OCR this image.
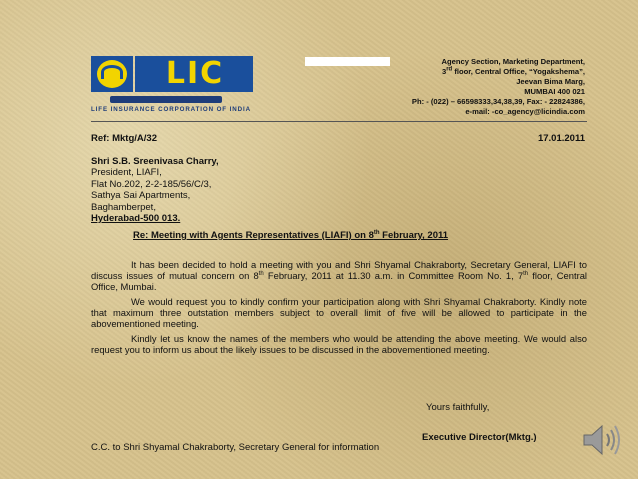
LIC
LIFE INSURANCE CORPORATION OF INDIA
Agency Section, Marketing Department,
3rd floor, Central Office, “Yogakshema”,
Jeevan Bima Marg,
MUMBAI 400 021
Ph: - (022) – 66598333,34,38,39, Fax: - 22824386,
e-mail: -co_agency@licindia.com
Ref: Mktg/A/32	17.01.2011
Shri S.B. Sreenivasa Charry,
President, LIAFI,
Flat No.202, 2-2-185/56/C/3,
Sathya Sai Apartments,
Baghamberpet,
Hyderabad-500 013.
Re: Meeting with Agents Representatives (LIAFI) on 8th February, 2011
It has been decided to hold a meeting with you and Shri Shyamal Chakraborty, Secretary General, LIAFI to discuss issues of mutual concern on 8th February, 2011 at 11.30 a.m. in Committee Room No. 1, 7th floor, Central Office, Mumbai.
We would request you to kindly confirm your participation along with Shri Shyamal Chakraborty. Kindly note that maximum three outstation members subject to overall limit of five will be allowed to participate in the abovementioned meeting.
Kindly let us know the names of the members who would be attending the above meeting. We would also request you to inform us about the likely issues to be discussed in the abovementioned meeting.
Yours faithfully,
Executive Director(Mktg.)
C.C. to Shri Shyamal Chakraborty, Secretary General for information
